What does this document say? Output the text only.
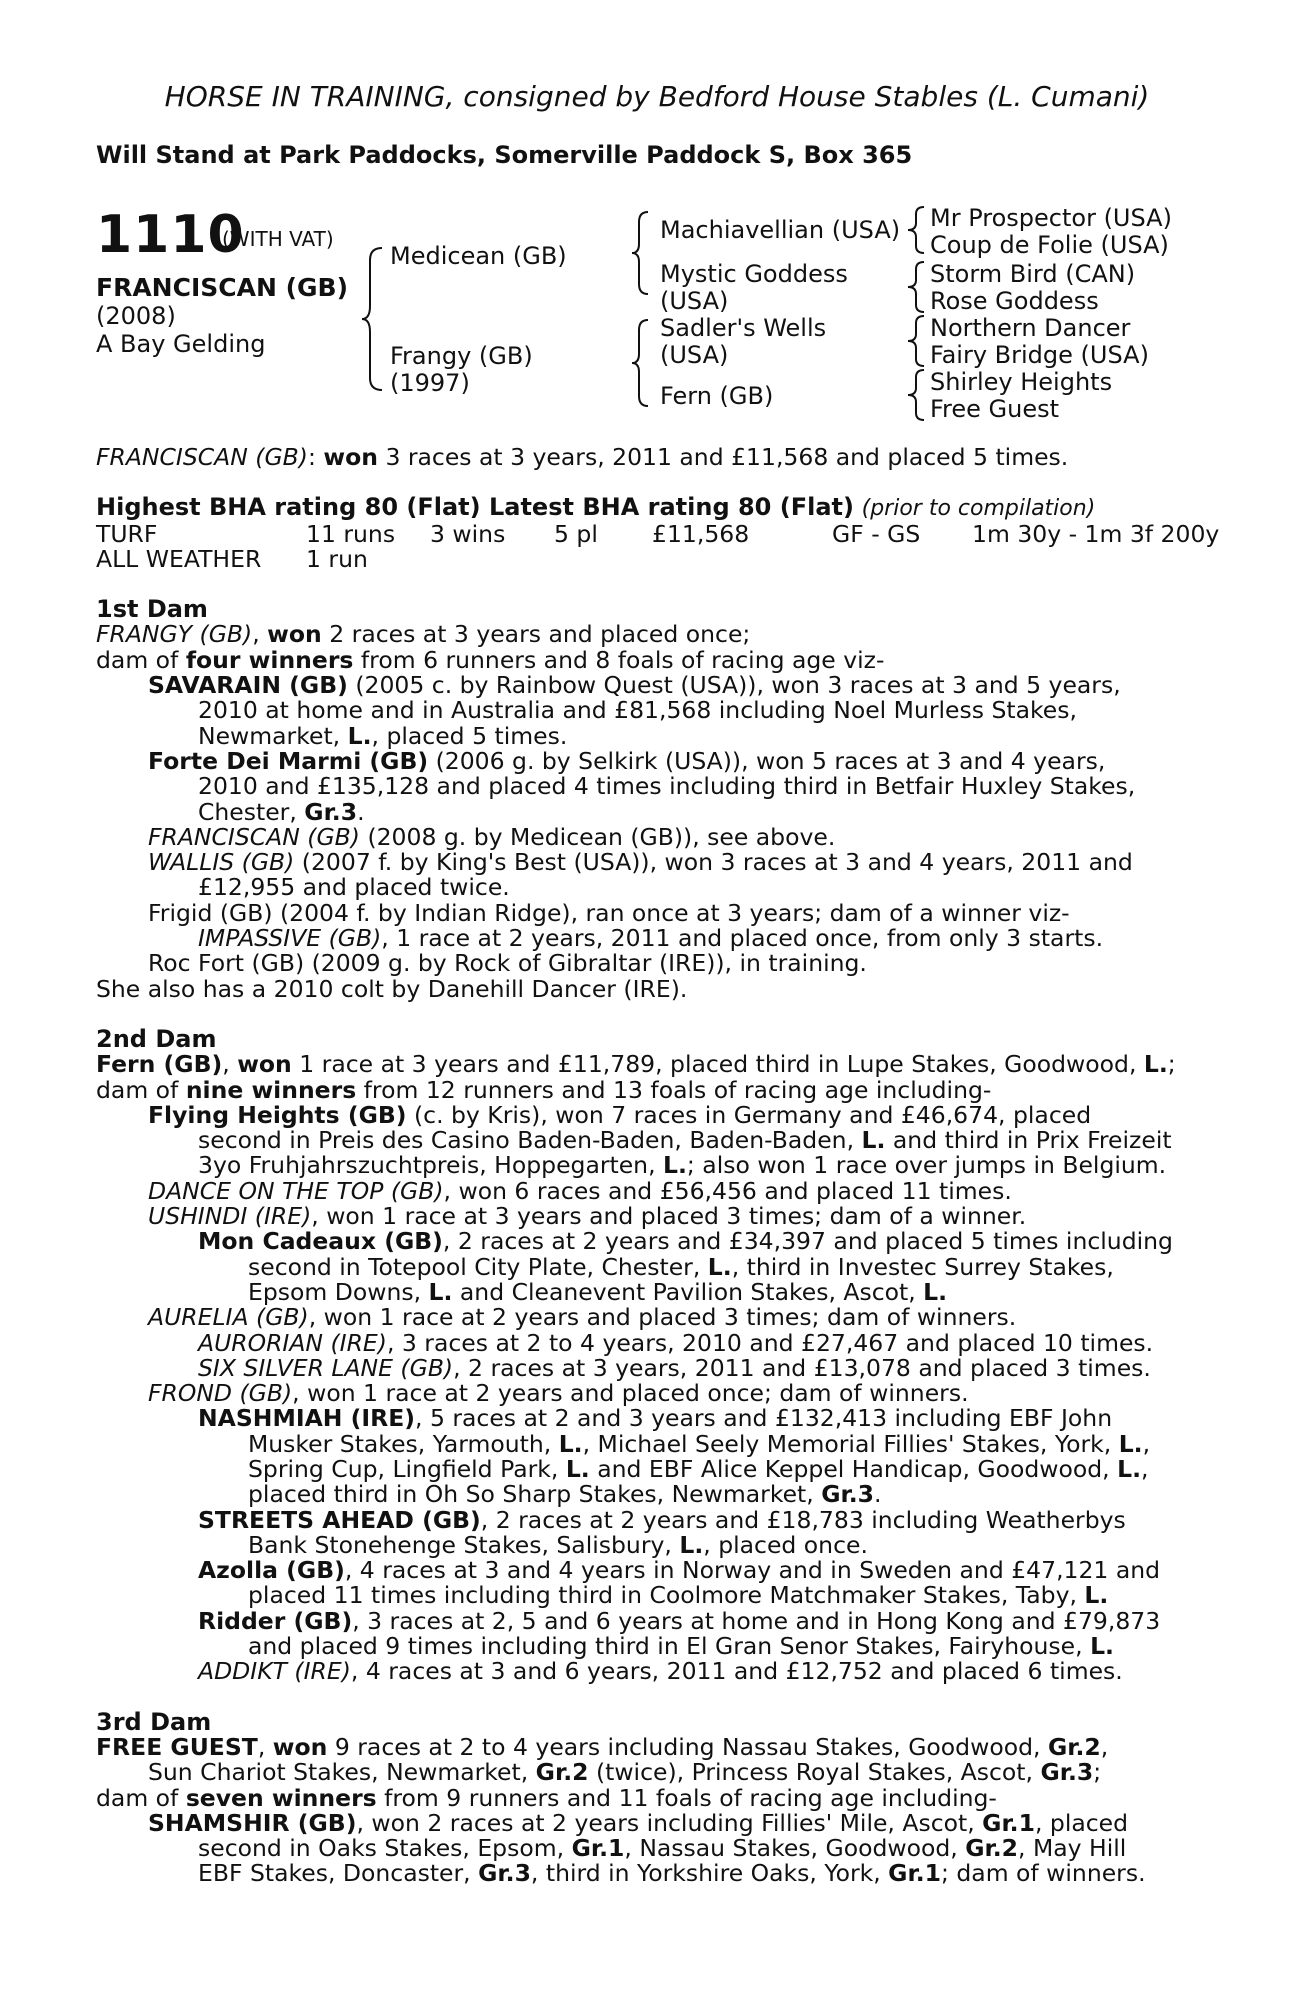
HORSE IN TRAINING, consigned by Bedford House Stables (L. Cumani)
Will Stand at Park Paddocks, Somerville Paddock S, Box 365
1110
(WITH VAT)
FRANCISCAN (GB)
(2008)
A Bay Gelding
Medicean (GB)
Frangy (GB)
(1997)
Machiavellian (USA)
Mystic Goddess
(USA)
Sadler's Wells
(USA)
Fern (GB)
Mr Prospector (USA)
Coup de Folie (USA)
Storm Bird (CAN)
Rose Goddess
Northern Dancer
Fairy Bridge (USA)
Shirley Heights
Free Guest
FRANCISCAN (GB): won 3 races at 3 years, 2011 and £11,568 and placed 5 times.
Highest BHA rating 80 (Flat) Latest BHA rating 80 (Flat) (prior to compilation)
TURF	11 runs 3 wins 5 pl £11,568	GF - GS 1m 30y - 1m 3f 200y
ALL WEATHER 1 run
1st Dam
FRANGY (GB), won 2 races at 3 years and placed once;
dam of four winners from 6 runners and 8 foals of racing age viz-
SAVARAIN (GB) (2005 c. by Rainbow Quest (USA)), won 3 races at 3 and 5 years,
2010 at home and in Australia and £81,568 including Noel Murless Stakes,
Newmarket, L., placed 5 times.
Forte Dei Marmi (GB) (2006 g. by Selkirk (USA)), won 5 races at 3 and 4 years,
2010 and £135,128 and placed 4 times including third in Betfair Huxley Stakes,
Chester, Gr.3.
FRANCISCAN (GB) (2008 g. by Medicean (GB)), see above.
WALLIS (GB) (2007 f. by King's Best (USA)), won 3 races at 3 and 4 years, 2011 and
£12,955 and placed twice.
Frigid (GB) (2004 f. by Indian Ridge), ran once at 3 years; dam of a winner viz-
IMPASSIVE (GB), 1 race at 2 years, 2011 and placed once, from only 3 starts.
Roc Fort (GB) (2009 g. by Rock of Gibraltar (IRE)), in training.
She also has a 2010 colt by Danehill Dancer (IRE).
2nd Dam
Fern (GB), won 1 race at 3 years and £11,789, placed third in Lupe Stakes, Goodwood, L.;
dam of nine winners from 12 runners and 13 foals of racing age including-
Flying Heights (GB) (c. by Kris), won 7 races in Germany and £46,674, placed
second in Preis des Casino Baden-Baden, Baden-Baden, L. and third in Prix Freizeit
3yo Fruhjahrszuchtpreis, Hoppegarten, L.; also won 1 race over jumps in Belgium.
DANCE ON THE TOP (GB), won 6 races and £56,456 and placed 11 times.
USHINDI (IRE), won 1 race at 3 years and placed 3 times; dam of a winner.
Mon Cadeaux (GB), 2 races at 2 years and £34,397 and placed 5 times including
second in Totepool City Plate, Chester, L., third in Investec Surrey Stakes,
Epsom Downs, L. and Cleanevent Pavilion Stakes, Ascot, L.
AURELIA (GB), won 1 race at 2 years and placed 3 times; dam of winners.
AURORIAN (IRE), 3 races at 2 to 4 years, 2010 and £27,467 and placed 10 times.
SIX SILVER LANE (GB), 2 races at 3 years, 2011 and £13,078 and placed 3 times.
FROND (GB), won 1 race at 2 years and placed once; dam of winners.
NASHMIAH (IRE), 5 races at 2 and 3 years and £132,413 including EBF John
Musker Stakes, Yarmouth, L., Michael Seely Memorial Fillies' Stakes, York, L.,
Spring Cup, Lingfield Park, L. and EBF Alice Keppel Handicap, Goodwood, L.,
placed third in Oh So Sharp Stakes, Newmarket, Gr.3.
STREETS AHEAD (GB), 2 races at 2 years and £18,783 including Weatherbys
Bank Stonehenge Stakes, Salisbury, L., placed once.
Azolla (GB), 4 races at 3 and 4 years in Norway and in Sweden and £47,121 and
placed 11 times including third in Coolmore Matchmaker Stakes, Taby, L.
Ridder (GB), 3 races at 2, 5 and 6 years at home and in Hong Kong and £79,873
and placed 9 times including third in El Gran Senor Stakes, Fairyhouse, L.
ADDIKT (IRE), 4 races at 3 and 6 years, 2011 and £12,752 and placed 6 times.
3rd Dam
FREE GUEST, won 9 races at 2 to 4 years including Nassau Stakes, Goodwood, Gr.2,
Sun Chariot Stakes, Newmarket, Gr.2 (twice), Princess Royal Stakes, Ascot, Gr.3;
dam of seven winners from 9 runners and 11 foals of racing age including-
SHAMSHIR (GB), won 2 races at 2 years including Fillies' Mile, Ascot, Gr.1, placed
second in Oaks Stakes, Epsom, Gr.1, Nassau Stakes, Goodwood, Gr.2, May Hill
EBF Stakes, Doncaster, Gr.3, third in Yorkshire Oaks, York, Gr.1; dam of winners.
